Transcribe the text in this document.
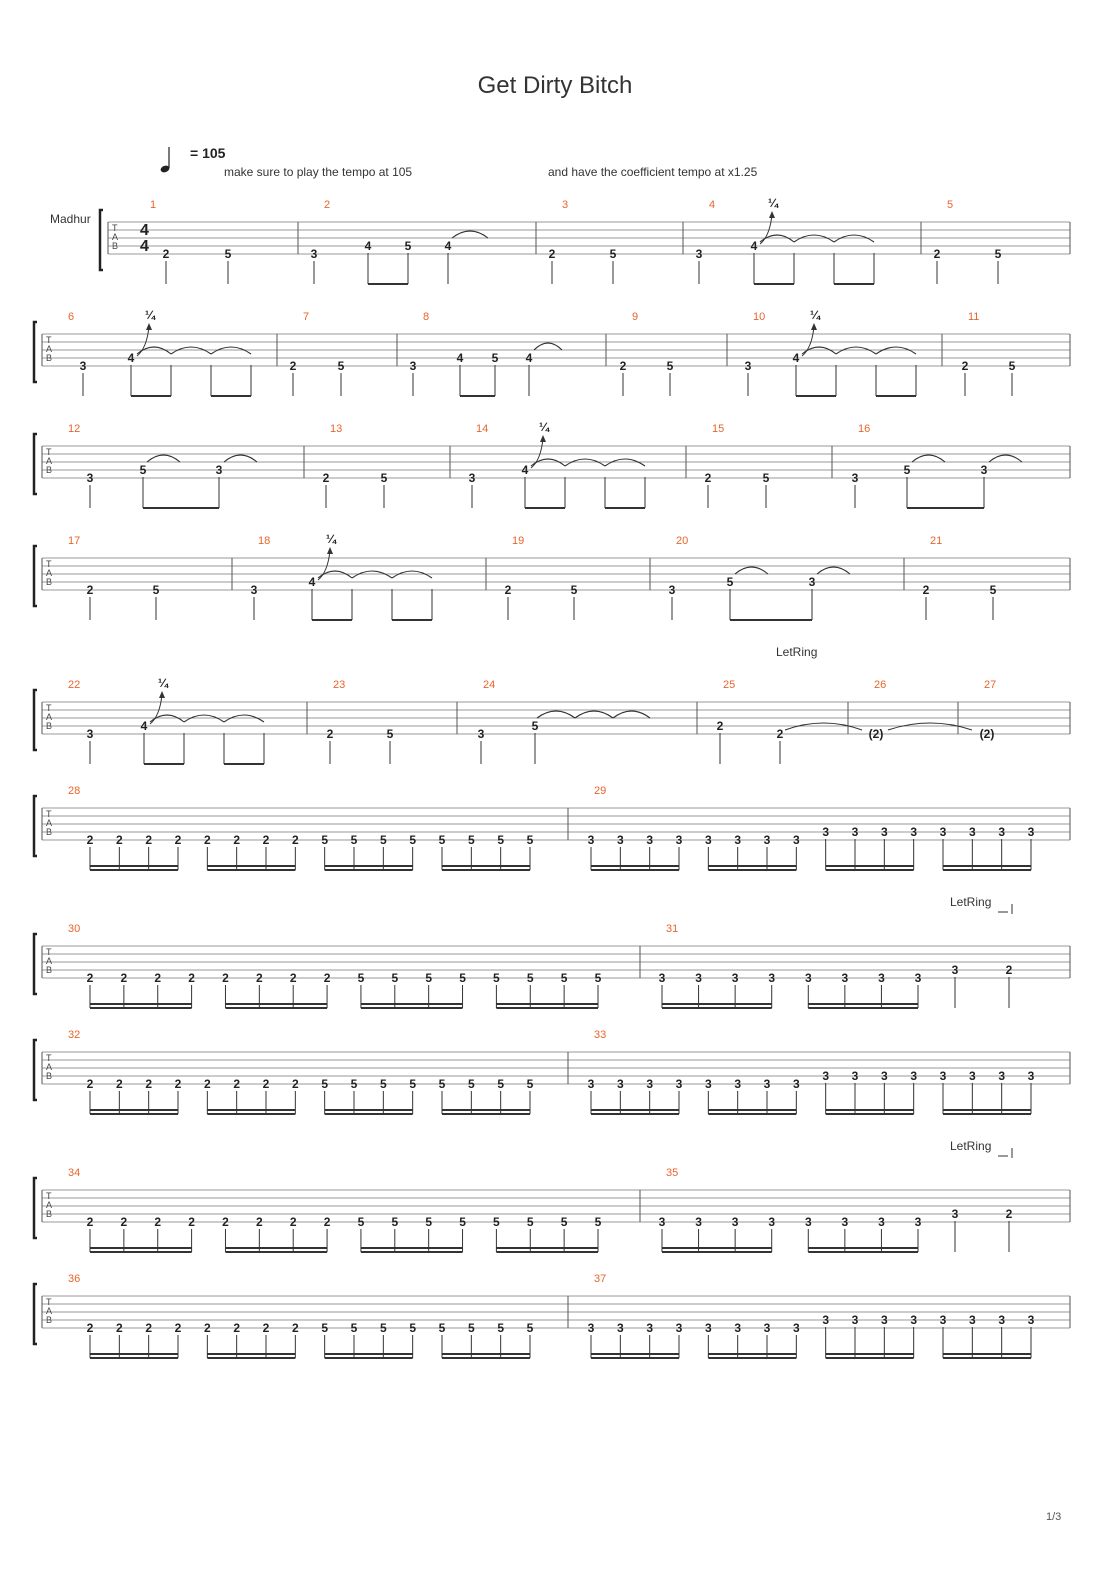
Get Dirty Bitch
= 105
make sure to play the tempo at 105	and have the coefficient tempo at x1.25
Madhur
T
A
B
1
2	5
2
3
4	5	4
3
2	5
4
3
4
¼	5
2	5
T
A
B
6
3
4
¼	7
2	5
8
3
4 5 4
9
2	5
10
3
4
¼	11
2	5
T
A
B
12
3
5	3
13
2	5
14
3
4
¼	15
2	5
16
3
5	3
T
A
B
17
2	5
18
3
4
¼	19
2	5
20
3
5	3
21
2	5
T
A
B
22
3
4
¼	23
2	5
24
3
5
25
2
2
26
(2)
27
(2)
T
A
B
28
2 2 2 2 2 2 2 2 5 5 5 5 5 5 5 5
29
3 3 3 3 3 3 3 3
3 3 3 3 3 3 3 3
T
A
B
30
2 2 2 2 2 2 2 2 5 5 5 5 5 5 5 5
31
3 3 3 3 3 3 3 3
3	2
T
A
B
32
2 2 2 2 2 2 2 2 5 5 5 5 5 5 5 5
33
3 3 3 3 3 3 3 3
3 3 3 3 3 3 3 3
T
A
B
34
2 2 2 2 2 2 2 2 5 5 5 5 5 5 5 5
35
3 3 3 3 3 3 3 3
3	2
T
A
B
36
2 2 2 2 2 2 2 2 5 5 5 5 5 5 5 5
37
3 3 3 3 3 3 3 3
3 3 3 3 3 3 3 3
LetRing
LetRing
LetRing
4
4
1/3
